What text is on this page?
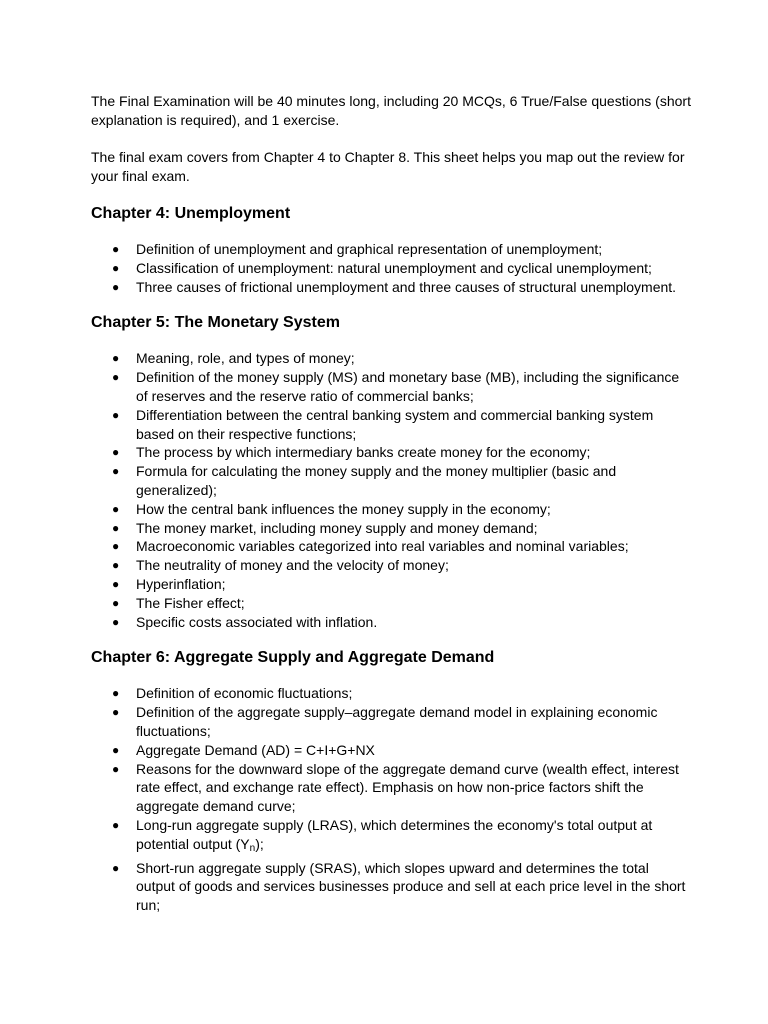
The Final Examination will be 40 minutes long, including 20 MCQs, 6 True/False questions (short explanation is required), and 1 exercise.

The final exam covers from Chapter 4 to Chapter 8. This sheet helps you map out the review for your final exam.

Chapter 4: Unemployment
● Definition of unemployment and graphical representation of unemployment;
● Classification of unemployment: natural unemployment and cyclical unemployment;
● Three causes of frictional unemployment and three causes of structural unemployment.
Chapter 5: The Monetary System
● Meaning, role, and types of money;
● Definition of the money supply (MS) and monetary base (MB), including the significance of reserves and the reserve ratio of commercial banks;
● Differentiation between the central banking system and commercial banking system based on their respective functions;
● The process by which intermediary banks create money for the economy;
● Formula for calculating the money supply and the money multiplier (basic and generalized);
● How the central bank influences the money supply in the economy;
● The money market, including money supply and money demand;
● Macroeconomic variables categorized into real variables and nominal variables;
● The neutrality of money and the velocity of money;
● Hyperinflation;
● The Fisher effect;
● Specific costs associated with inflation.
Chapter 6: Aggregate Supply and Aggregate Demand
● Definition of economic fluctuations;
● Definition of the aggregate supply–aggregate demand model in explaining economic fluctuations;
● Aggregate Demand (AD) = C+I+G+NX
● Reasons for the downward slope of the aggregate demand curve (wealth effect, interest rate effect, and exchange rate effect). Emphasis on how non-price factors shift the aggregate demand curve;
● Long-run aggregate supply (LRAS), which determines the economy's total output at potential output $(Y_n)$;
● Short-run aggregate supply (SRAS), which slopes upward and determines the total output of goods and services businesses produce and sell at each price level in the short run;
